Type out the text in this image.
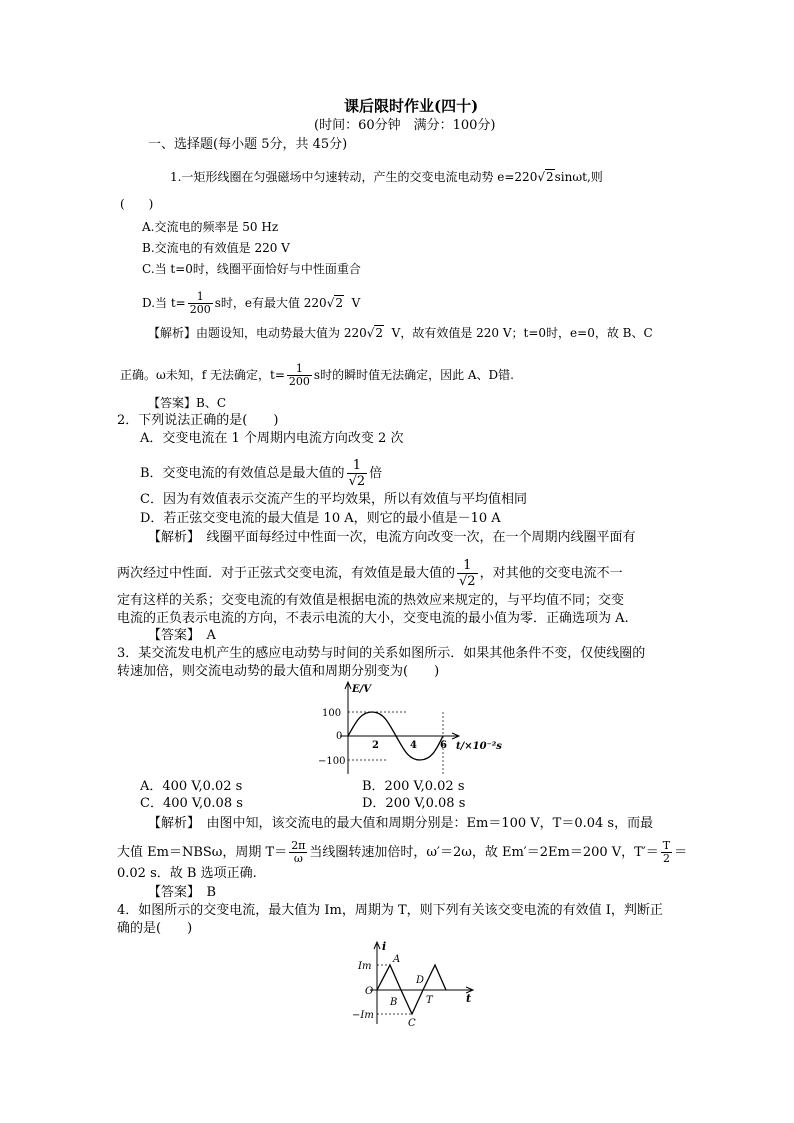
课后限时作业(四十)
(时间：60分钟　满分：100分)
一、选择题(每小题 5分，共 45分)
1.一矩形线圈在匀强磁场中匀速转动，产生的交变电流电动势 e=220√2sinωt,则
(　　)
A.交流电的频率是 50 Hz
B.交流电的有效值是 220 V
C.当 t=0时，线圈平面恰好与中性面重合
D.当 $t= \frac{1}{200}$ s时，e有最大值 220√2 V
【解析】由题设知，电动势最大值为 220√2 V，故有效值是 220 V；t=0时，e=0，故 B、C
正确。ω未知，f 无法确定，$t= \frac{1}{200}$ s时的瞬时值无法确定，因此 A、D错.
【答案】B、C
2．下列说法正确的是(　　)
A．交变电流在 1 个周期内电流方向改变 2 次
B．交变电流的有效值总是最大值的 $\frac{1}{√2}$ 倍
C．因为有效值表示交流产生的平均效果，所以有效值与平均值相同
D．若正弦交变电流的最大值是 10 A，则它的最小值是－10 A
【解析】　线圈平面每经过中性面一次，电流方向改变一次，在一个周期内线圈平面有
两次经过中性面．对于正弦式交变电流，有效值是最大值的 $\frac{1}{√2}$ ，对其他的交变电流不一
定有这样的关系；交变电流的有效值是根据电流的热效应来规定的，与平均值不同；交变
电流的正负表示电流的方向，不表示电流的大小，交变电流的最小值为零．正确选项为 A.
【答案】　A
3．某交流发电机产生的感应电动势与时间的关系如图所示．如果其他条件不变，仅使线圈的
转速加倍，则交流电动势的最大值和周期分别变为(　　)
E/V
100
0
−100
2	4 6 t/×10⁻²s
A．400 V,0.02 s	B．200 V,0.02 s
C．400 V,0.08 s	D．200 V,0.08 s
【解析】　由图中知，该交流电的最大值和周期分别是：Em＝100 V，T＝0.04 s，而最
大值 Em＝NBSω，周期 $T= \frac{2\pi}{\omega}$ 当线圈转速加倍时，ω′＝2ω，故 Em′＝2Em＝200 V，$T'= \frac{T}{2}$ ＝
0.02 s．故 B 选项正确.
【答案】　B
4．如图所示的交变电流，最大值为 Im，周期为 T，则下列有关该交变电流的有效值 I，判断正
确的是(　　)
i
Im
−Im
O
A
B
C
D
T	t
